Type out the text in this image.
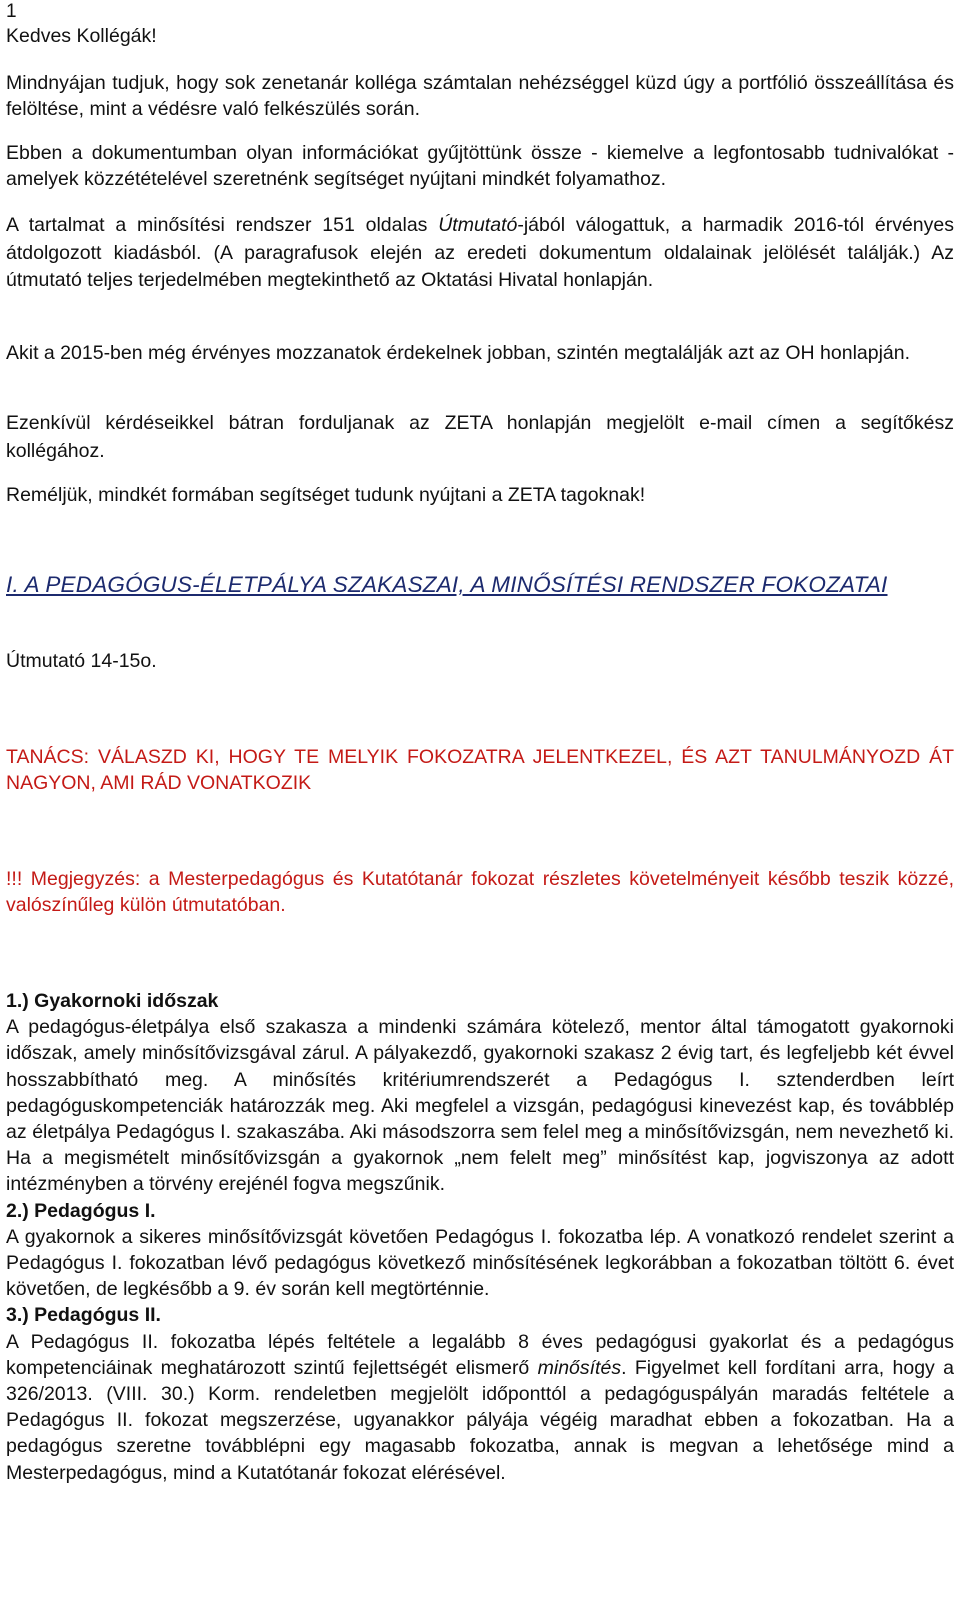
1
Kedves Kollégák!
Mindnyájan tudjuk, hogy sok zenetanár kolléga számtalan nehézséggel küzd úgy a portfólió összeállítása és felöltése, mint a védésre való felkészülés során.
Ebben a dokumentumban olyan információkat gyűjtöttünk össze - kiemelve a legfontosabb tudnivalókat - amelyek közzétételével szeretnénk segítséget nyújtani mindkét folyamathoz.
A tartalmat a minősítési rendszer 151 oldalas Útmutató-jából válogattuk, a harmadik 2016-tól érvényes átdolgozott kiadásból. (A paragrafusok elején az eredeti dokumentum oldalainak jelölését találják.) Az útmutató teljes terjedelmében megtekinthető az Oktatási Hivatal honlapján.
Akit a 2015-ben még érvényes mozzanatok érdekelnek jobban, szintén megtalálják azt az OH honlapján.
Ezenkívül kérdéseikkel bátran forduljanak az ZETA honlapján megjelölt e-mail címen a segítőkész kollégához.
Reméljük, mindkét formában segítséget tudunk nyújtani a ZETA tagoknak!
I. A PEDAGÓGUS-ÉLETPÁLYA SZAKASZAI, A MINŐSÍTÉSI RENDSZER FOKOZATAI
Útmutató 14-15o.
TANÁCS: VÁLASZD KI, HOGY TE MELYIK FOKOZATRA JELENTKEZEL, ÉS AZT TANULMÁNYOZD ÁT NAGYON, AMI RÁD VONATKOZIK
!!! Megjegyzés: a Mesterpedagógus és Kutatótanár fokozat részletes követelményeit később teszik közzé, valószínűleg külön útmutatóban.
1.) Gyakornoki időszak
A pedagógus-életpálya első szakasza a mindenki számára kötelező, mentor által támogatott gyakornoki időszak, amely minősítővizsgával zárul. A pályakezdő, gyakornoki szakasz 2 évig tart, és legfeljebb két évvel hosszabbítható meg. A minősítés kritériumrendszerét a Pedagógus I. sztenderdben leírt pedagóguskompetenciák határozzák meg. Aki megfelel a vizsgán, pedagógusi kinevezést kap, és továbblép az életpálya Pedagógus I. szakaszába. Aki másodszorra sem felel meg a minősítővizsgán, nem nevezhető ki. Ha a megismételt minősítővizsgán a gyakornok „nem felelt meg” minősítést kap, jogviszonya az adott intézményben a törvény erejénél fogva megszűnik.
2.) Pedagógus I.
A gyakornok a sikeres minősítővizsgát követően Pedagógus I. fokozatba lép. A vonatkozó rendelet szerint a Pedagógus I. fokozatban lévő pedagógus következő minősítésének legkorábban a fokozatban töltött 6. évet követően, de legkésőbb a 9. év során kell megtörténnie.
3.) Pedagógus II.
A Pedagógus II. fokozatba lépés feltétele a legalább 8 éves pedagógusi gyakorlat és a pedagógus kompetenciáinak meghatározott szintű fejlettségét elismerő minősítés. Figyelmet kell fordítani arra, hogy a 326/2013. (VIII. 30.) Korm. rendeletben megjelölt időponttól a pedagóguspályán maradás feltétele a Pedagógus II. fokozat megszerzése, ugyanakkor pályája végéig maradhat ebben a fokozatban. Ha a pedagógus szeretne továbblépni egy magasabb fokozatba, annak is megvan a lehetősége mind a Mesterpedagógus, mind a Kutatótanár fokozat elérésével.
